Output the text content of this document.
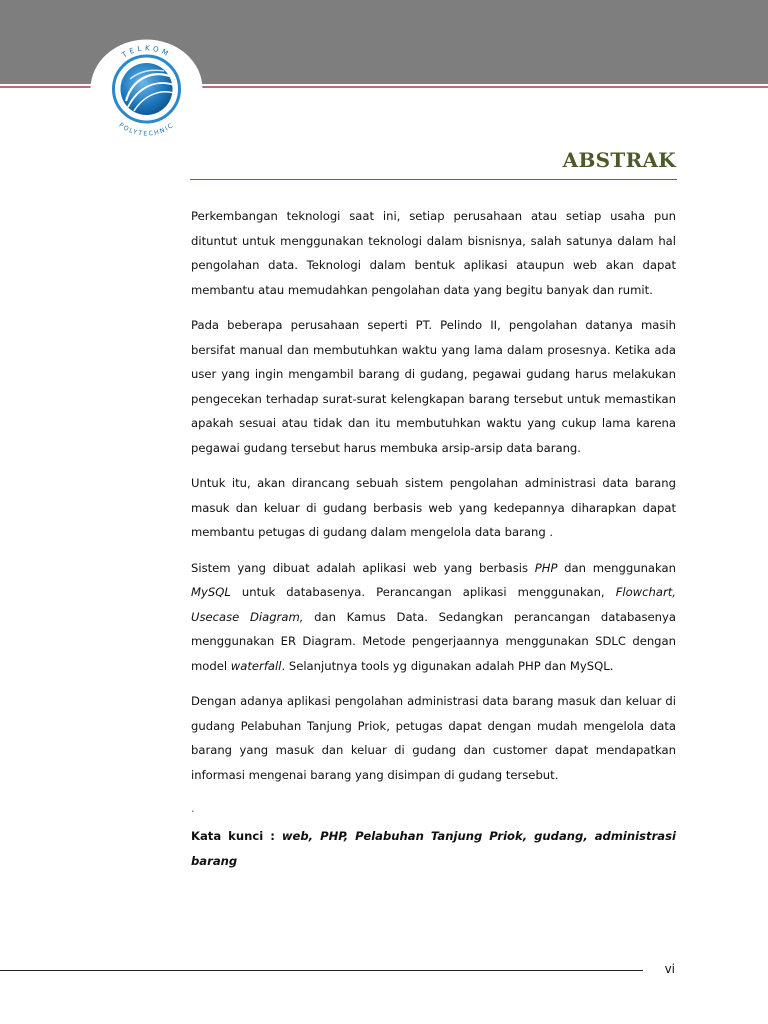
TELKOM
POLYTECHNIC
ABSTRAK

Perkembangan teknologi saat ini, setiap perusahaan atau setiap usaha pun dituntut untuk menggunakan teknologi dalam bisnisnya, salah satunya dalam hal pengolahan data. Teknologi dalam bentuk aplikasi ataupun web akan dapat membantu atau memudahkan pengolahan data yang begitu banyak dan rumit.

Pada beberapa perusahaan seperti PT. Pelindo II, pengolahan datanya masih bersifat manual dan membutuhkan waktu yang lama dalam prosesnya. Ketika ada user yang ingin mengambil barang di gudang, pegawai gudang harus melakukan pengecekan terhadap surat-surat kelengkapan barang tersebut untuk memastikan apakah sesuai atau tidak dan itu membutuhkan waktu yang cukup lama karena pegawai gudang tersebut harus membuka arsip-arsip data barang.

Untuk itu, akan dirancang sebuah sistem pengolahan administrasi data barang masuk dan keluar di gudang berbasis web yang kedepannya diharapkan dapat membantu petugas di gudang dalam mengelola data barang .

Sistem yang dibuat adalah aplikasi web yang berbasis PHP dan menggunakan MySQL untuk databasenya. Perancangan aplikasi menggunakan, Flowchart, Usecase Diagram, dan Kamus Data. Sedangkan perancangan databasenya menggunakan ER Diagram. Metode pengerjaannya menggunakan SDLC dengan model waterfall. Selanjutnya tools yg digunakan adalah PHP dan MySQL.

Dengan adanya aplikasi pengolahan administrasi data barang masuk dan keluar di gudang Pelabuhan Tanjung Priok, petugas dapat dengan mudah mengelola data barang yang masuk dan keluar di gudang dan customer dapat mendapatkan informasi mengenai barang yang disimpan di gudang tersebut.

.

Kata kunci : web, PHP, Pelabuhan Tanjung Priok, gudang, administrasi barang

vi
